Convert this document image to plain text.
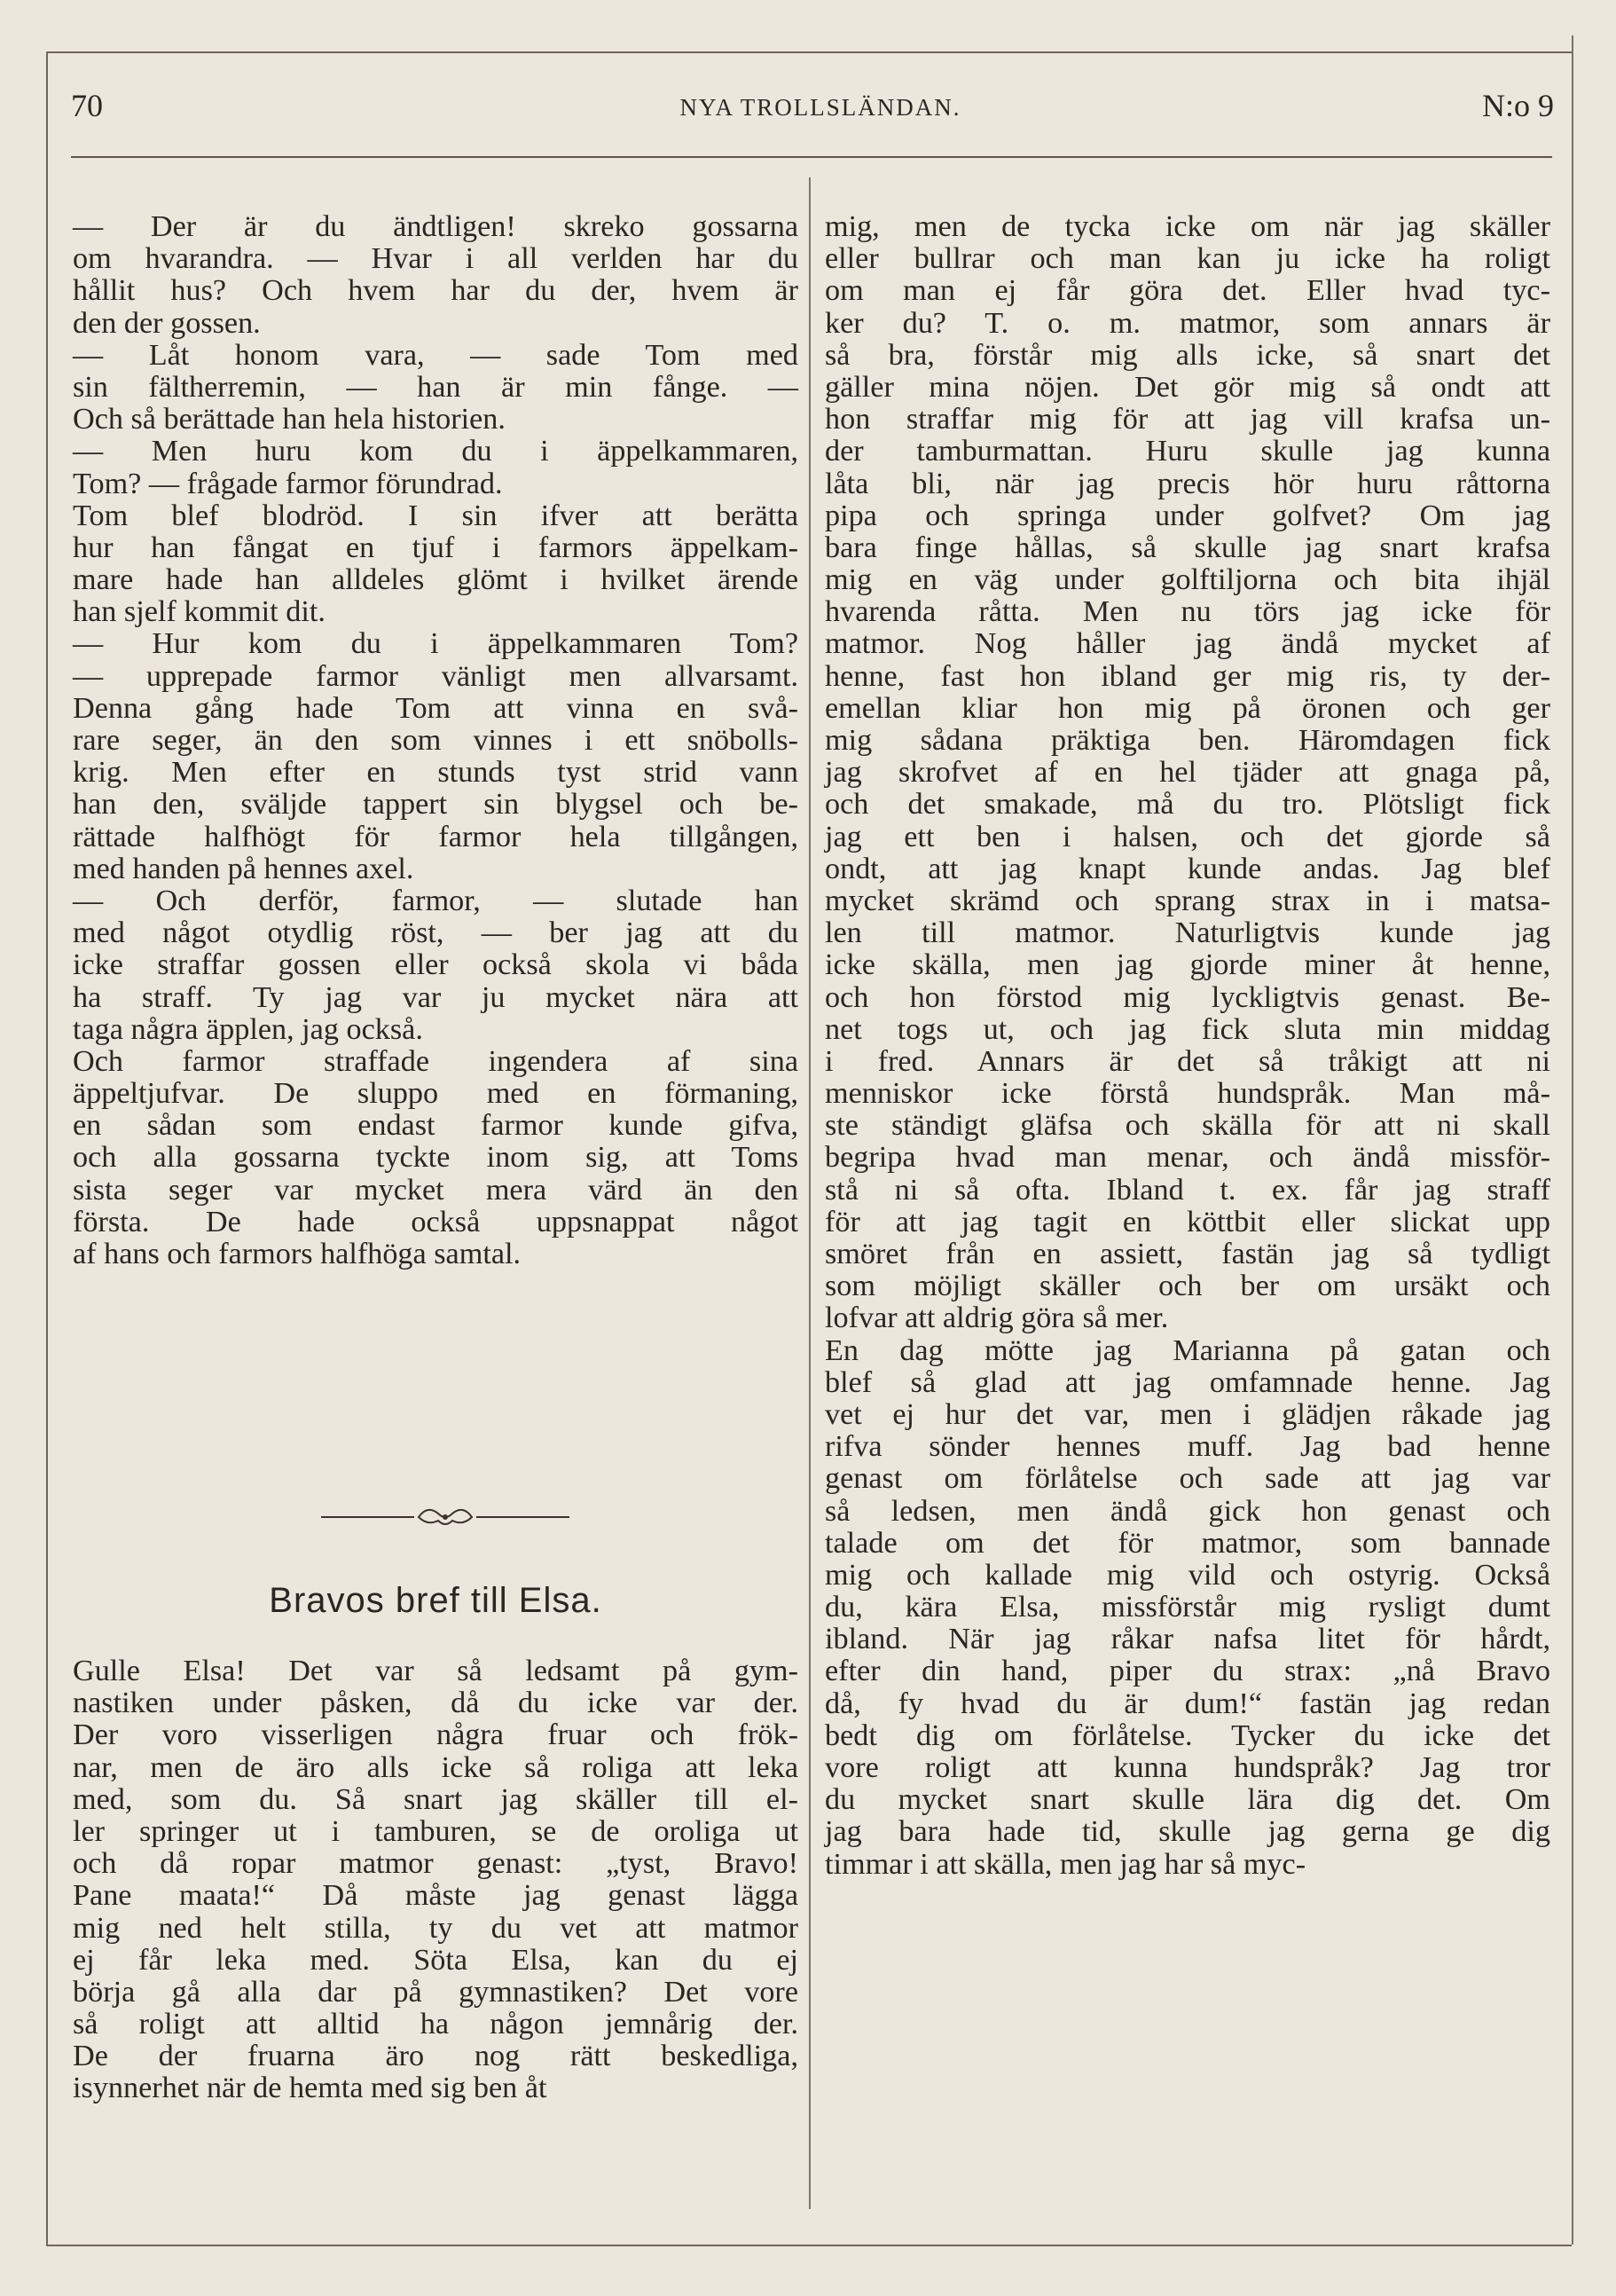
70	NYA TROLLSLÄNDAN.	N:o 9
— Der är du ändtligen! skreko gossarna
om hvarandra. — Hvar i all verlden har du
hållit hus? Och hvem har du der, hvem är
den der gossen.
— Låt honom vara, — sade Tom med
sin fältherremin, — han är min fånge. —
Och så berättade han hela historien.
— Men huru kom du i äppelkammaren,
Tom? — frågade farmor förundrad.
Tom blef blodröd. I sin ifver att berätta
hur han fångat en tjuf i farmors äppelkam-
mare hade han alldeles glömt i hvilket ärende
han sjelf kommit dit.
— Hur kom du i äppelkammaren Tom?
— upprepade farmor vänligt men allvarsamt.
Denna gång hade Tom att vinna en svå-
rare seger, än den som vinnes i ett snöbolls-
krig. Men efter en stunds tyst strid vann
han den, sväljde tappert sin blygsel och be-
rättade halfhögt för farmor hela tillgången,
med handen på hennes axel.
— Och derför, farmor, — slutade han
med något otydlig röst, — ber jag att du
icke straffar gossen eller också skola vi båda
ha straff. Ty jag var ju mycket nära att
taga några äpplen, jag också.
Och farmor straffade ingendera af sina
äppeltjufvar. De sluppo med en förmaning,
en sådan som endast farmor kunde gifva,
och alla gossarna tyckte inom sig, att Toms
sista seger var mycket mera värd än den
första. De hade också uppsnappat något
af hans och farmors halfhöga samtal.
Bravos bref till Elsa.
Gulle Elsa! Det var så ledsamt på gym-
nastiken under påsken, då du icke var der.
Der voro visserligen några fruar och frök-
nar, men de äro alls icke så roliga att leka
med, som du. Så snart jag skäller till el-
ler springer ut i tamburen, se de oroliga ut
och då ropar matmor genast: „tyst, Bravo!
Pane maata!“ Då måste jag genast lägga
mig ned helt stilla, ty du vet att matmor
ej får leka med. Söta Elsa, kan du ej
börja gå alla dar på gymnastiken? Det vore
så roligt att alltid ha någon jemnårig der.
De der fruarna äro nog rätt beskedliga,
isynnerhet när de hemta med sig ben åt
mig, men de tycka icke om när jag skäller
eller bullrar och man kan ju icke ha roligt
om man ej får göra det. Eller hvad tyc-
ker du? T. o. m. matmor, som annars är
så bra, förstår mig alls icke, så snart det
gäller mina nöjen. Det gör mig så ondt att
hon straffar mig för att jag vill krafsa un-
der tamburmattan. Huru skulle jag kunna
låta bli, när jag precis hör huru råttorna
pipa och springa under golfvet? Om jag
bara finge hållas, så skulle jag snart krafsa
mig en väg under golftiljorna och bita ihjäl
hvarenda råtta. Men nu törs jag icke för
matmor. Nog håller jag ändå mycket af
henne, fast hon ibland ger mig ris, ty der-
emellan kliar hon mig på öronen och ger
mig sådana präktiga ben. Häromdagen fick
jag skrofvet af en hel tjäder att gnaga på,
och det smakade, må du tro. Plötsligt fick
jag ett ben i halsen, och det gjorde så
ondt, att jag knapt kunde andas. Jag blef
mycket skrämd och sprang strax in i matsa-
len till matmor. Naturligtvis kunde jag
icke skälla, men jag gjorde miner åt henne,
och hon förstod mig lyckligtvis genast. Be-
net togs ut, och jag fick sluta min middag
i fred. Annars är det så tråkigt att ni
menniskor icke förstå hundspråk. Man må-
ste ständigt gläfsa och skälla för att ni skall
begripa hvad man menar, och ändå missför-
stå ni så ofta. Ibland t. ex. får jag straff
för att jag tagit en köttbit eller slickat upp
smöret från en assiett, fastän jag så tydligt
som möjligt skäller och ber om ursäkt och
lofvar att aldrig göra så mer.
En dag mötte jag Marianna på gatan och
blef så glad att jag omfamnade henne. Jag
vet ej hur det var, men i glädjen råkade jag
rifva sönder hennes muff. Jag bad henne
genast om förlåtelse och sade att jag var
så ledsen, men ändå gick hon genast och
talade om det för matmor, som bannade
mig och kallade mig vild och ostyrig. Också
du, kära Elsa, missförstår mig rysligt dumt
ibland. När jag råkar nafsa litet för hårdt,
efter din hand, piper du strax: „nå Bravo
då, fy hvad du är dum!“ fastän jag redan
bedt dig om förlåtelse. Tycker du icke det
vore roligt att kunna hundspråk? Jag tror
du mycket snart skulle lära dig det. Om
jag bara hade tid, skulle jag gerna ge dig
timmar i att skälla, men jag har så myc-
